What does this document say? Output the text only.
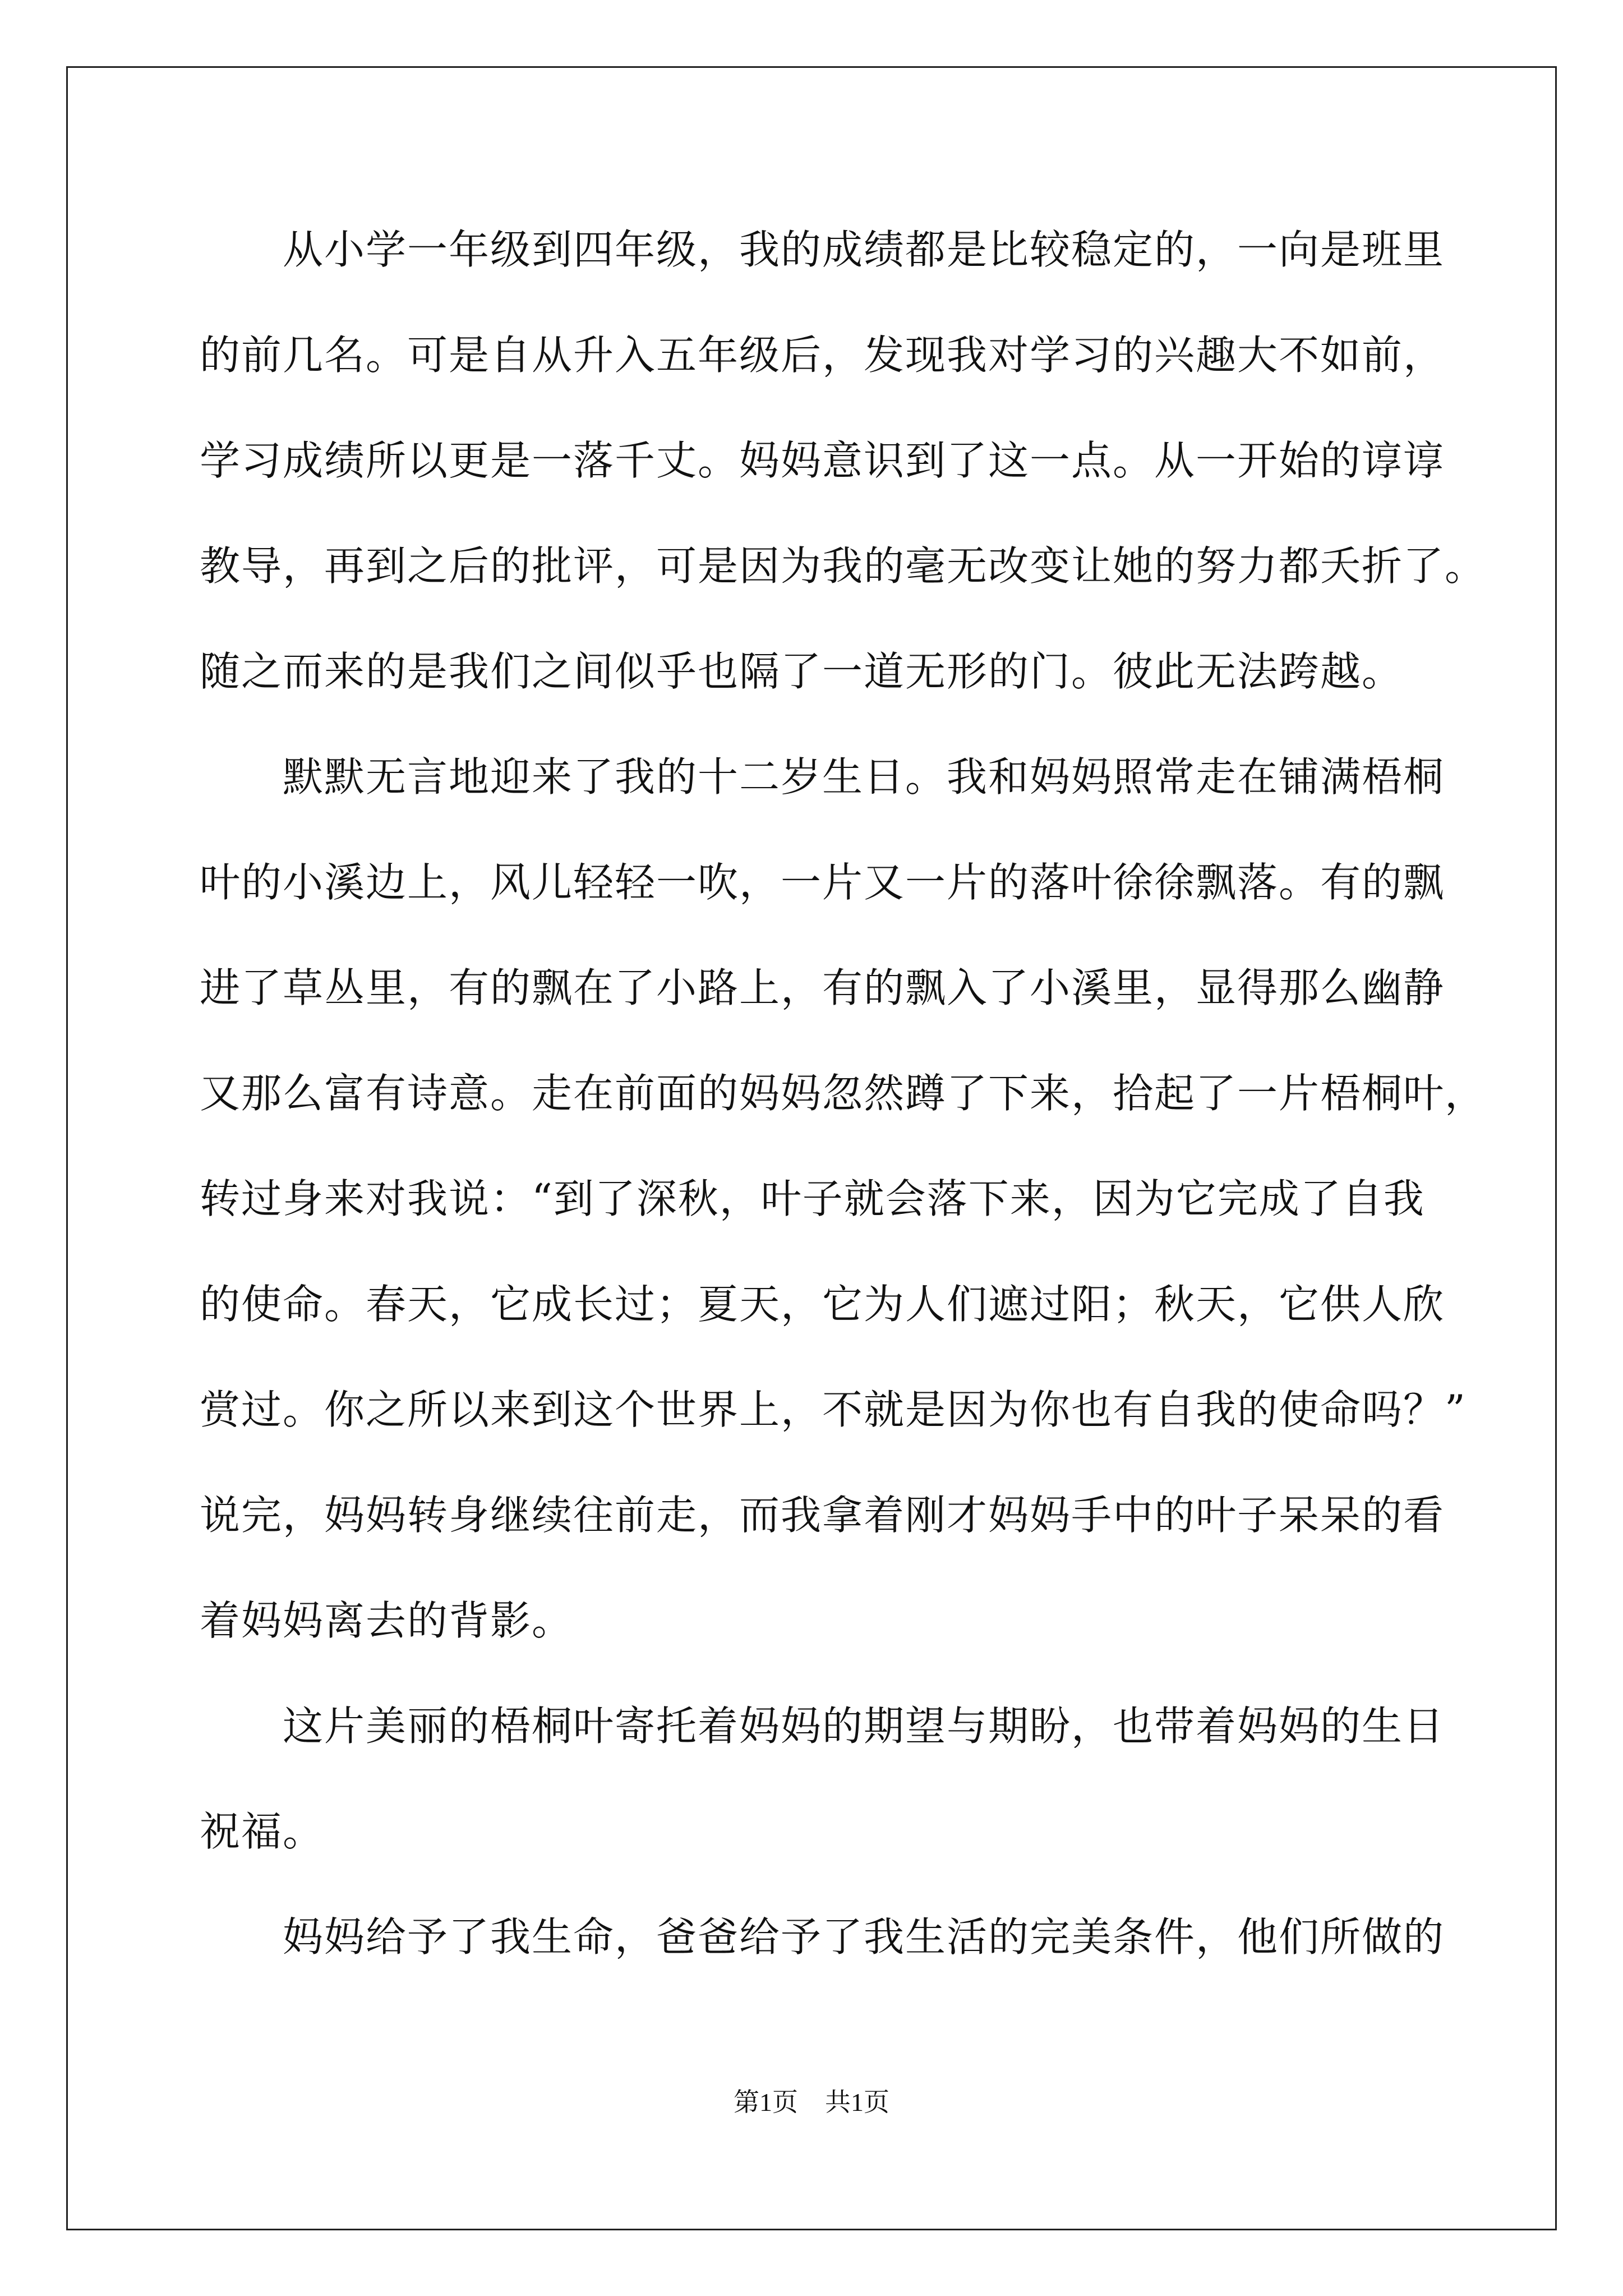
从小学一年级到四年级，我的成绩都是比较稳定的，一向是班里
的前几名。可是自从升入五年级后，发现我对学习的兴趣大不如前，
学习成绩所以更是一落千丈。妈妈意识到了这一点。从一开始的谆谆
教导，再到之后的批评，可是因为我的毫无改变让她的努力都夭折了。
随之而来的是我们之间似乎也隔了一道无形的门。彼此无法跨越。
默默无言地迎来了我的十二岁生日。我和妈妈照常走在铺满梧桐
叶的小溪边上，风儿轻轻一吹，一片又一片的落叶徐徐飘落。有的飘
进了草丛里，有的飘在了小路上，有的飘入了小溪里，显得那么幽静
又那么富有诗意。走在前面的妈妈忽然蹲了下来，拾起了一片梧桐叶，
转过身来对我说：“到了深秋，叶子就会落下来，因为它完成了自我
的使命。春天，它成长过；夏天，它为人们遮过阳；秋天，它供人欣
赏过。你之所以来到这个世界上，不就是因为你也有自我的使命吗？”
说完，妈妈转身继续往前走，而我拿着刚才妈妈手中的叶子呆呆的看
着妈妈离去的背影。
这片美丽的梧桐叶寄托着妈妈的期望与期盼，也带着妈妈的生日
祝福。
妈妈给予了我生命，爸爸给予了我生活的完美条件，他们所做的
第1页 共1页
